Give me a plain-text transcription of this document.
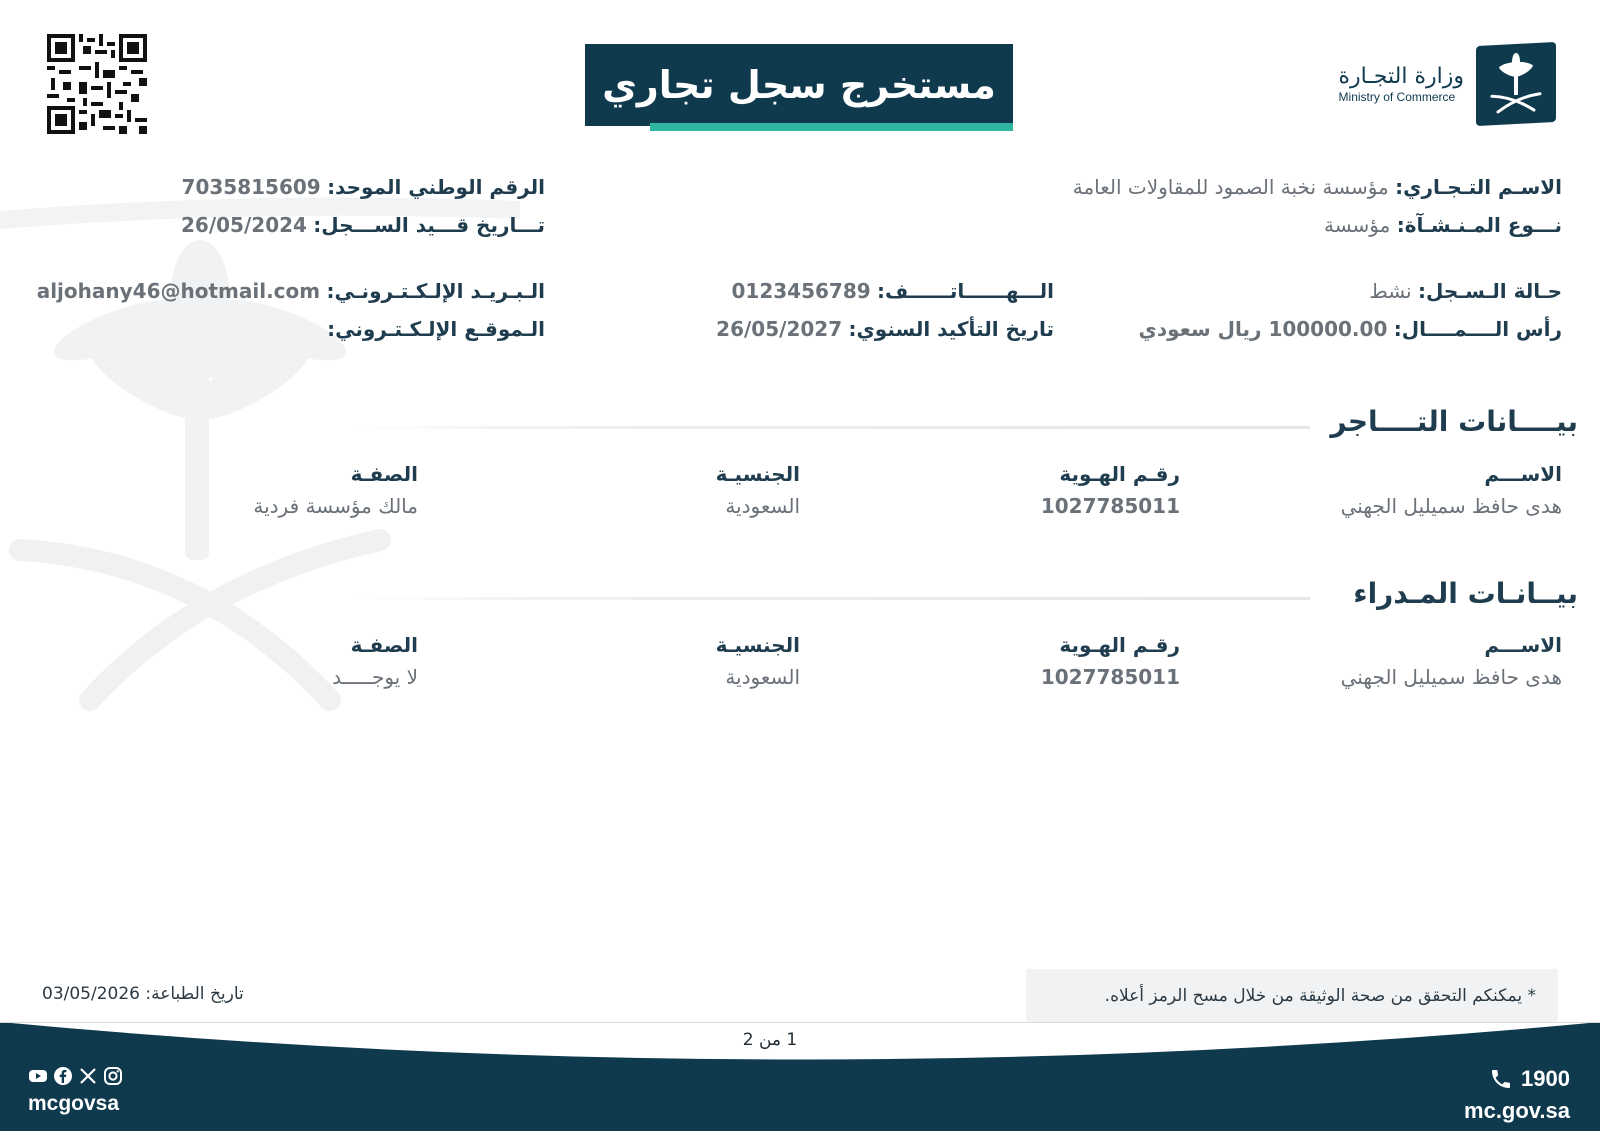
مستخرج سجل تجاري	وزارة التجـارة
Ministry of Commerce
الاسـم التـجـاري: مؤسسة نخبة الصمود للمقاولات العامة
نـــوع المـنـشـآة: مؤسسة
حـالة الـسـجل: نشط
رأس الــــمــــال: 100000.00 ريال سعودي
الـــهــــــاتــــــف: 0123456789
تاريخ التأكيد السنوي: 26/05/2027
الرقم الوطني الموحد: 7035815609
تـــاريخ قـــيد الســـجل: 26/05/2024
الـبـريـد الإلـكـتـرونـي: aljohany46@hotmail.com
الـموقـع الإلـكـتـروني:
بيــــانات التــــاجر
الاســـم
رقـم الهـوية
الجنسيـة
الصفـة
هدى حافظ سميليل الجهني
1027785011
السعودية
مالك مؤسسة فردية
بيــانـات المـدراء
الاســـم
رقـم الهـوية
الجنسيـة
الصفـة
هدى حافظ سميليل الجهني
1027785011
السعودية
لا يوجـــــد
* يمكنكم التحقق من صحة الوثيقة من خلال مسح الرمز أعلاه.
تاريخ الطباعة: 03/05/2026
1 من 2
1900
mc.gov.sa
mcgovsa
